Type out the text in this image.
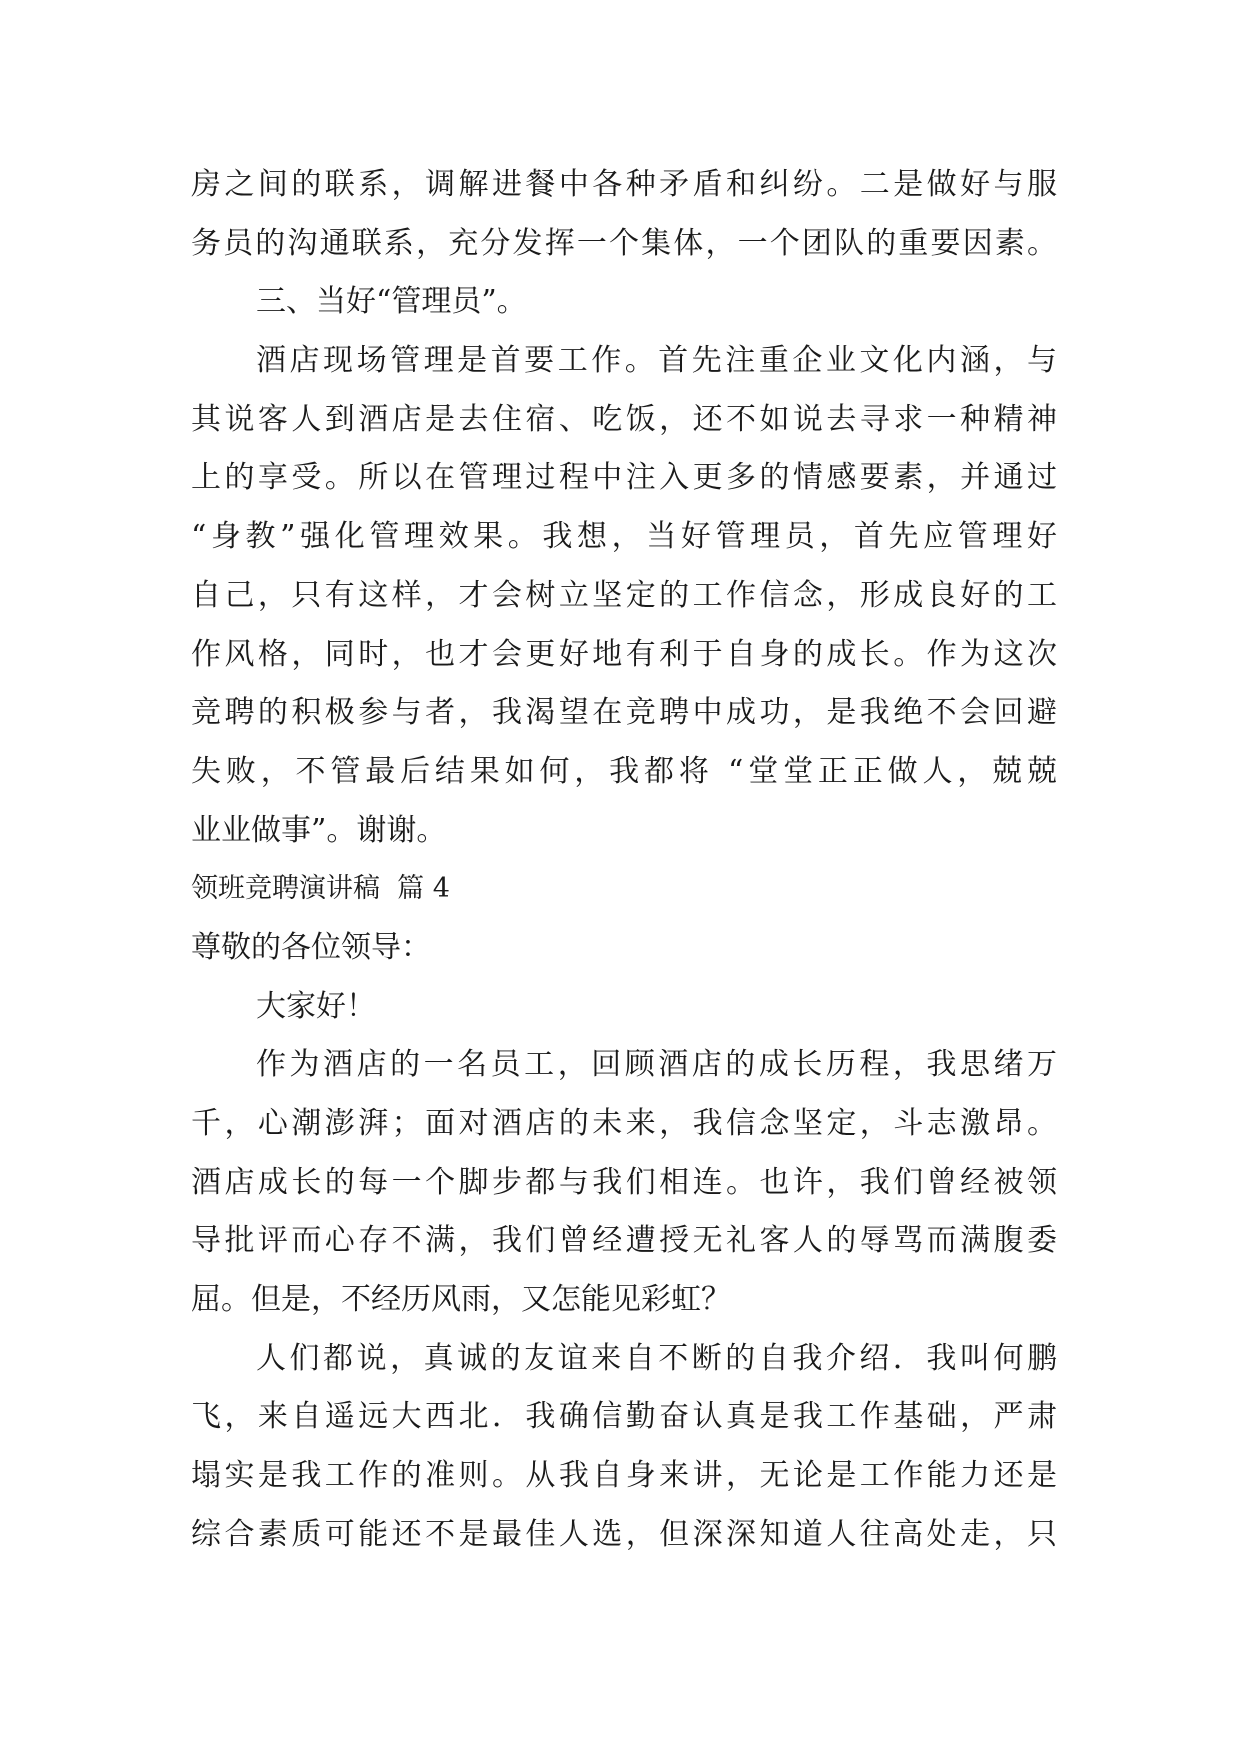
房之间的联系，调解进餐中各种矛盾和纠纷。二是做好与服
务员的沟通联系，充分发挥一个集体，一个团队的重要因素。
三、当好“管理员”。
酒店现场管理是首要工作。首先注重企业文化内涵，与
其说客人到酒店是去住宿、吃饭，还不如说去寻求一种精神
上的享受。所以在管理过程中注入更多的情感要素，并通过
“身教”强化管理效果。我想，当好管理员，首先应管理好
自己，只有这样，才会树立坚定的工作信念，形成良好的工
作风格，同时，也才会更好地有利于自身的成长。作为这次
竞聘的积极参与者，我渴望在竞聘中成功，是我绝不会回避
失败，不管最后结果如何，我都将 “堂堂正正做人，兢兢
业业做事”。谢谢。
领班竞聘演讲稿  篇 4
尊敬的各位领导：
大家好！
作为酒店的一名员工，回顾酒店的成长历程，我思绪万
千，心潮澎湃；面对酒店的未来，我信念坚定，斗志激昂。
酒店成长的每一个脚步都与我们相连。也许，我们曾经被领
导批评而心存不满，我们曾经遭授无礼客人的辱骂而满腹委
屈。但是，不经历风雨，又怎能见彩虹？
人们都说，真诚的友谊来自不断的自我介绍．我叫何鹏
飞，来自遥远大西北．我确信勤奋认真是我工作基础，严肃
塌实是我工作的准则。从我自身来讲，无论是工作能力还是
综合素质可能还不是最佳人选，但深深知道人往高处走，只
